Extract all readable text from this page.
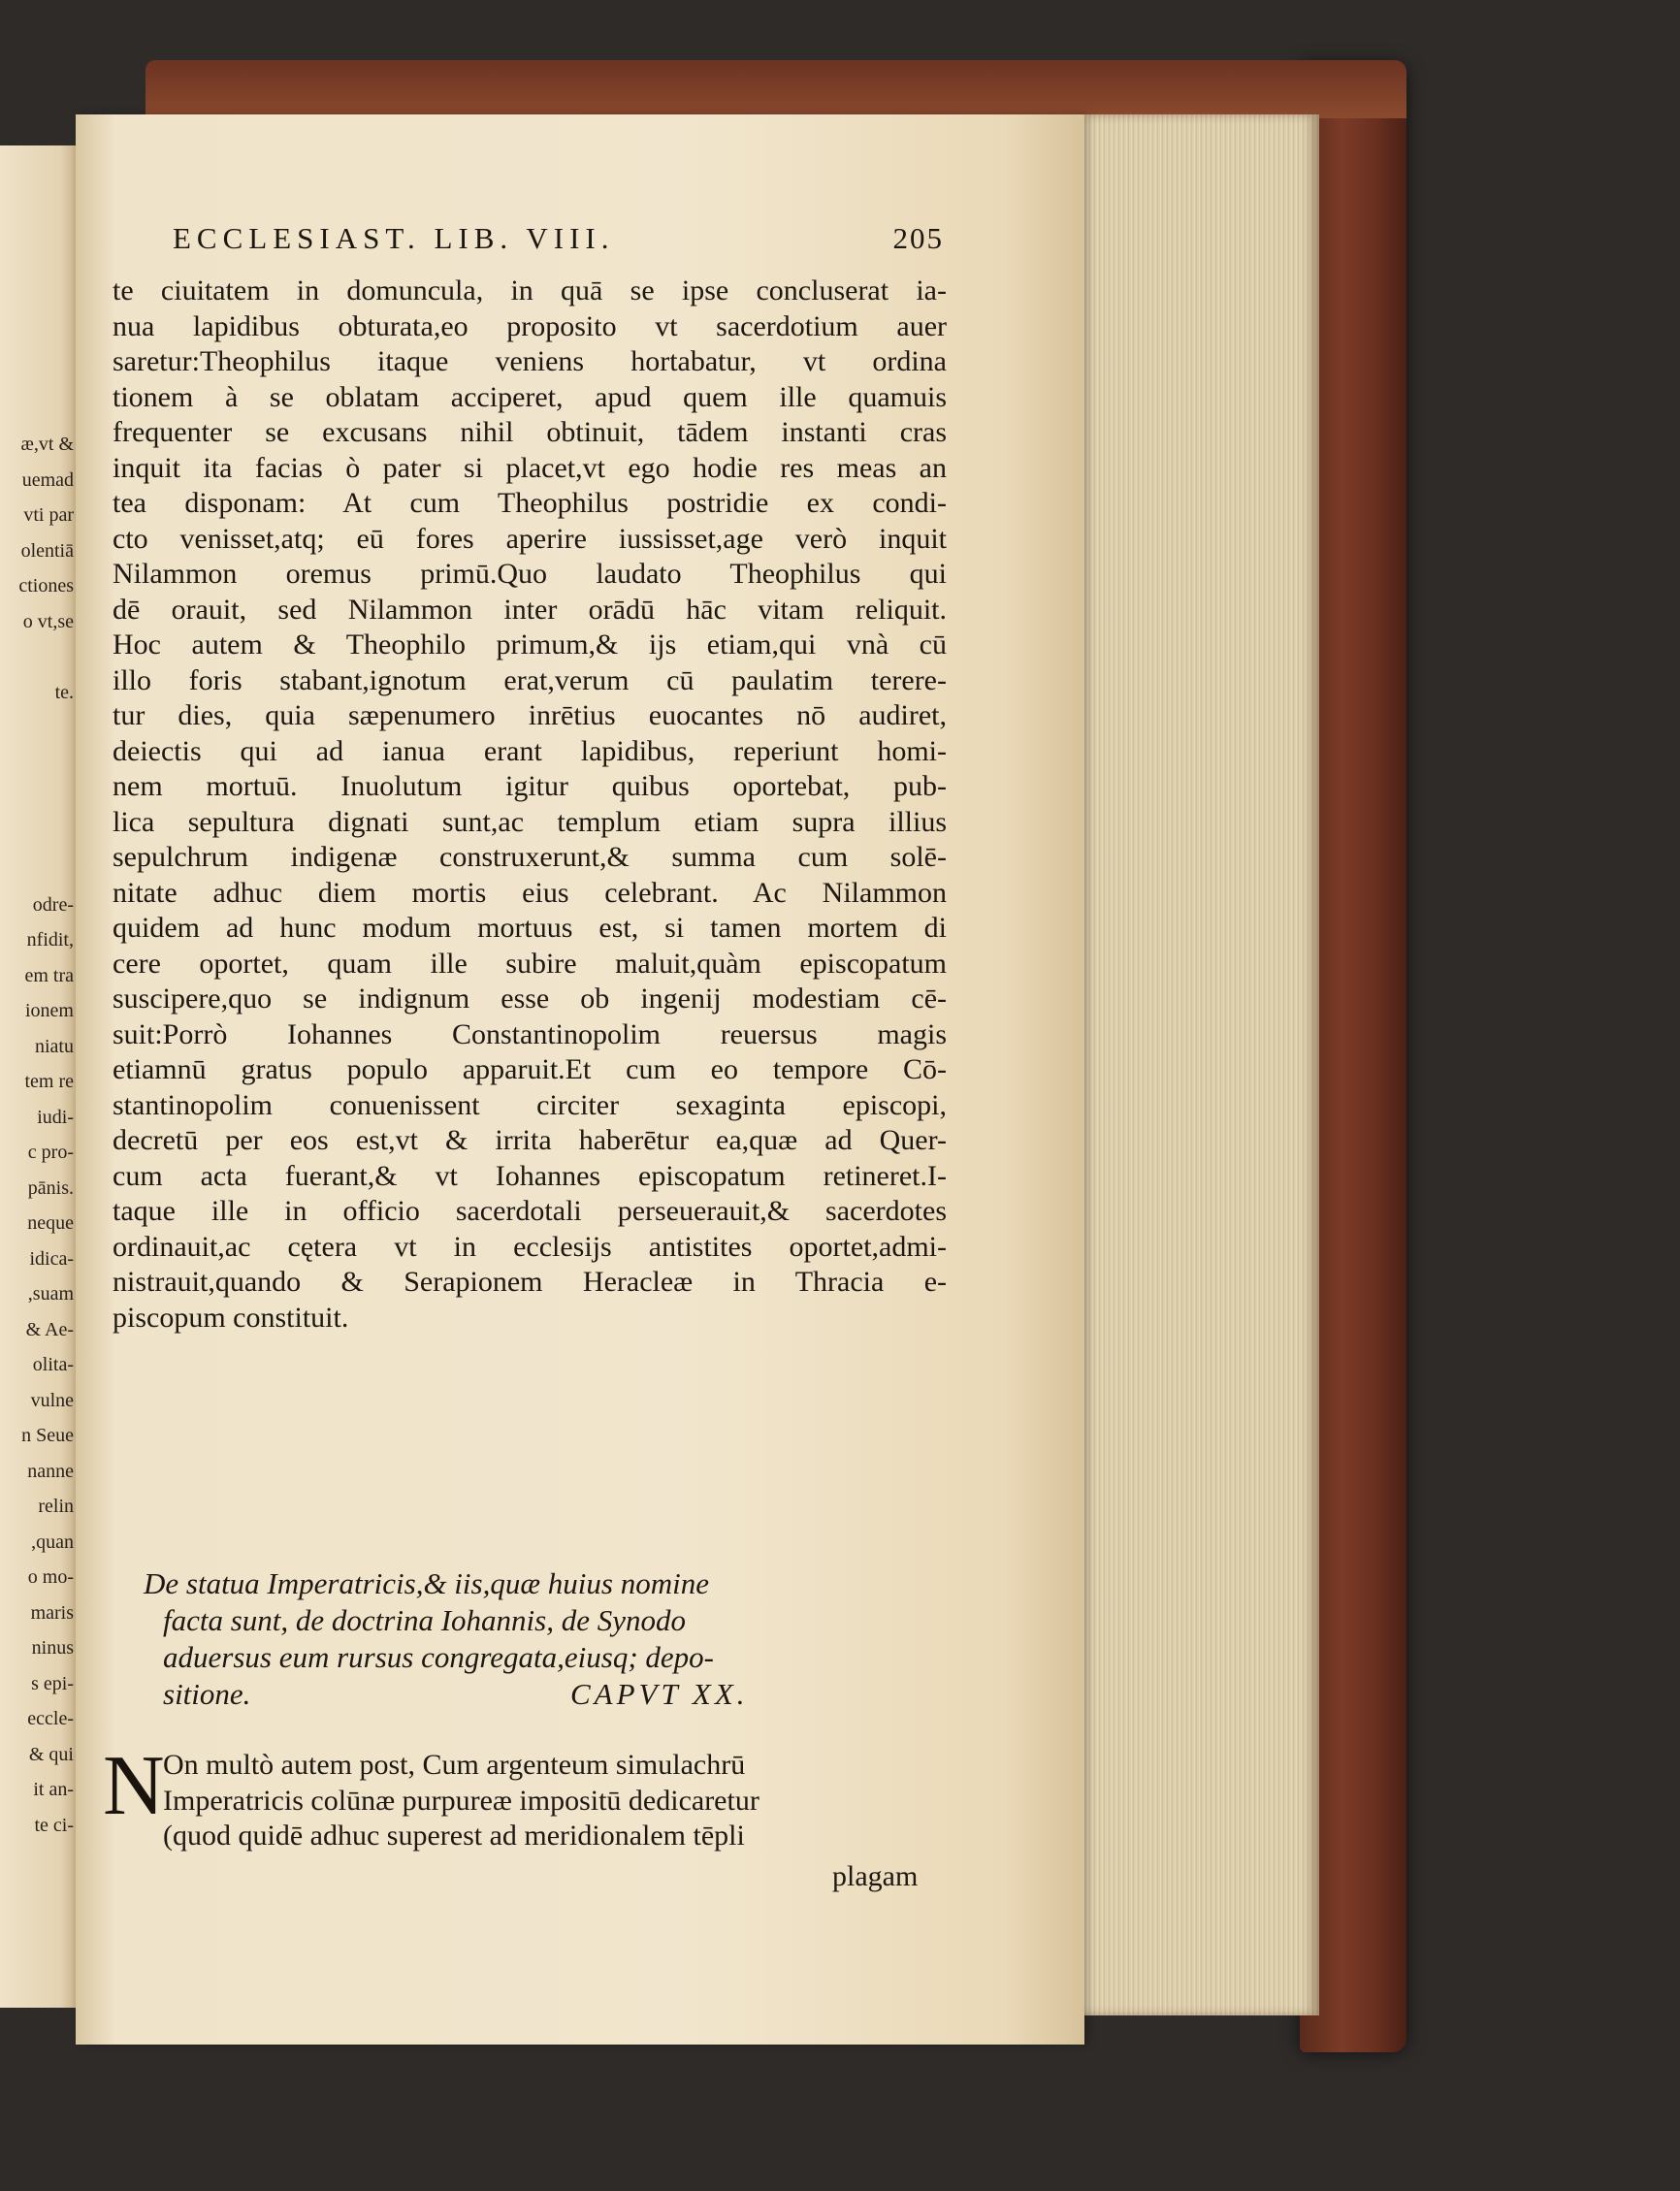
æ,vt &
uemad
vti par
olentiā
ctiones
o vt,se
te.
odre-
nfidit,
em tra
ionem
niatu
tem re
iudi-
c pro-
pānis.
neque
idica-
,suam
& Ae-
olita-
vulne
n Seue
nanne
relin
,quan
o mo-
maris
ninus
s epi-
eccle-
& qui
it an-
te ci-
ECCLESIAST. LIB. VIII.	205
te ciuitatem in domuncula, in quā se ipse concluserat ia-
nua lapidibus obturata,eo proposito vt sacerdotium auer
saretur:Theophilus itaque veniens hortabatur, vt ordina
tionem à se oblatam acciperet, apud quem ille quamuis
frequenter se excusans nihil obtinuit, tādem instanti cras
inquit ita facias ò pater si placet,vt ego hodie res meas an
tea disponam: At cum Theophilus postridie ex condi-
cto venisset,atq; eū fores aperire iussisset,age verò inquit
Nilammon oremus primū.Quo laudato Theophilus qui
dē orauit, sed Nilammon inter orādū hāc vitam reliquit.
Hoc autem & Theophilo primum,& ijs etiam,qui vnà cū
illo foris stabant,ignotum erat,verum cū paulatim terere-
tur dies, quia sæpenumero inrētius euocantes nō audiret,
deiectis qui ad ianua erant lapidibus, reperiunt homi-
nem mortuū. Inuolutum igitur quibus oportebat, pub-
lica sepultura dignati sunt,ac templum etiam supra illius
sepulchrum indigenæ construxerunt,& summa cum solē-
nitate adhuc diem mortis eius celebrant. Ac Nilammon
quidem ad hunc modum mortuus est, si tamen mortem di
cere oportet, quam ille subire maluit,quàm episcopatum
suscipere,quo se indignum esse ob ingenij modestiam cē-
suit:Porrò Iohannes Constantinopolim reuersus magis
etiamnū gratus populo apparuit.Et cum eo tempore Cō-
stantinopolim conuenissent circiter sexaginta episcopi,
decretū per eos est,vt & irrita haberētur ea,quæ ad Quer-
cum acta fuerant,& vt Iohannes episcopatum retineret.I-
taque ille in officio sacerdotali perseuerauit,& sacerdotes
ordinauit,ac cętera vt in ecclesijs antistites oportet,admi-
nistrauit,quando & Serapionem Heracleæ in Thracia e-
piscopum constituit.
De statua Imperatricis,& iis,quæ huius nomine
facta sunt, de doctrina Iohannis, de Synodo
aduersus eum rursus congregata,eiusq; depo-
sitione.	CAPVT XX.
N
On multò autem post, Cum argenteum simulachrū
Imperatricis colūnæ purpureæ impositū dedicaretur
(quod quidē adhuc superest ad meridionalem tēpli
plagam
